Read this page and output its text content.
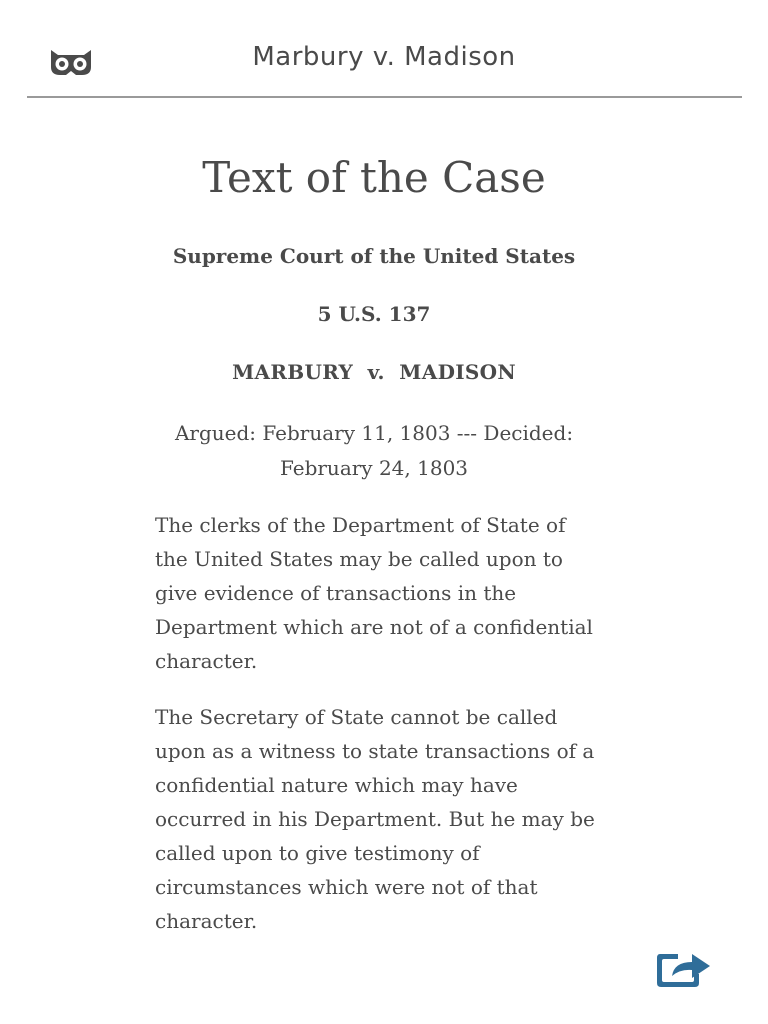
Marbury v. Madison
Text of the Case

Supreme Court of the United States

5 U.S. 137

MARBURY  v.  MADISON

Argued: February 11, 1803 --- Decided: February 24, 1803

The clerks of the Department of State of the United States may be called upon to give evidence of transactions in the Department which are not of a confidential character.

The Secretary of State cannot be called upon as a witness to state transactions of a confidential nature which may have occurred in his Department. But he may be called upon to give testimony of circumstances which were not of that character.
